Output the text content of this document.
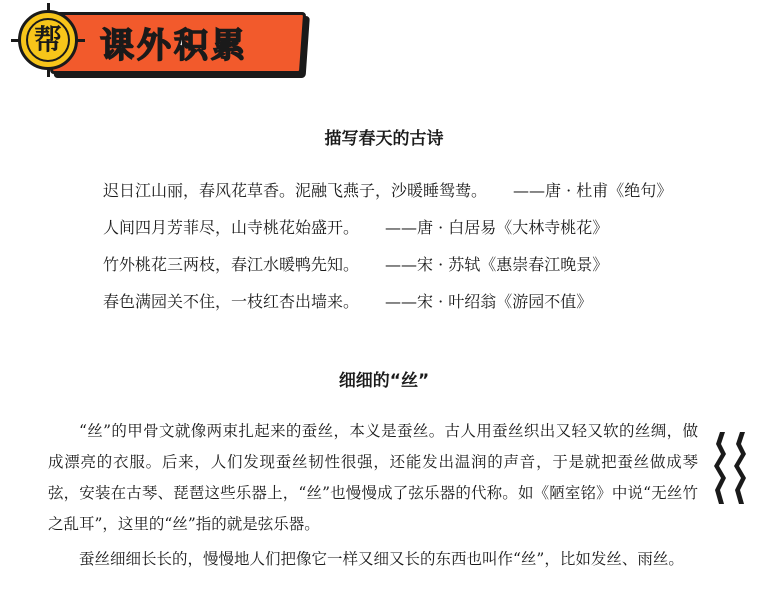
课外积累
帮
描写春天的古诗
迟日江山丽，春风花草香。泥融飞燕子，沙暖睡鸳鸯。 ——唐 · 杜甫《绝句》
人间四月芳菲尽，山寺桃花始盛开。 ——唐 · 白居易《大林寺桃花》
竹外桃花三两枝，春江水暖鸭先知。 ——宋 · 苏轼《惠崇春江晚景》
春色满园关不住，一枝红杏出墙来。 ——宋 · 叶绍翁《游园不值》
细细的“丝”

“丝”的甲骨文就像两束扎起来的蚕丝，本义是蚕丝。古人用蚕丝织出又轻又软的丝绸，做成漂亮的衣服。后来，人们发现蚕丝韧性很强，还能发出温润的声音，于是就把蚕丝做成琴弦，安装在古琴、琵琶这些乐器上，“丝”也慢慢成了弦乐器的代称。如《陋室铭》中说“无丝竹之乱耳”，这里的“丝”指的就是弦乐器。

蚕丝细细长长的，慢慢地人们把像它一样又细又长的东西也叫作“丝”，比如发丝、雨丝。
